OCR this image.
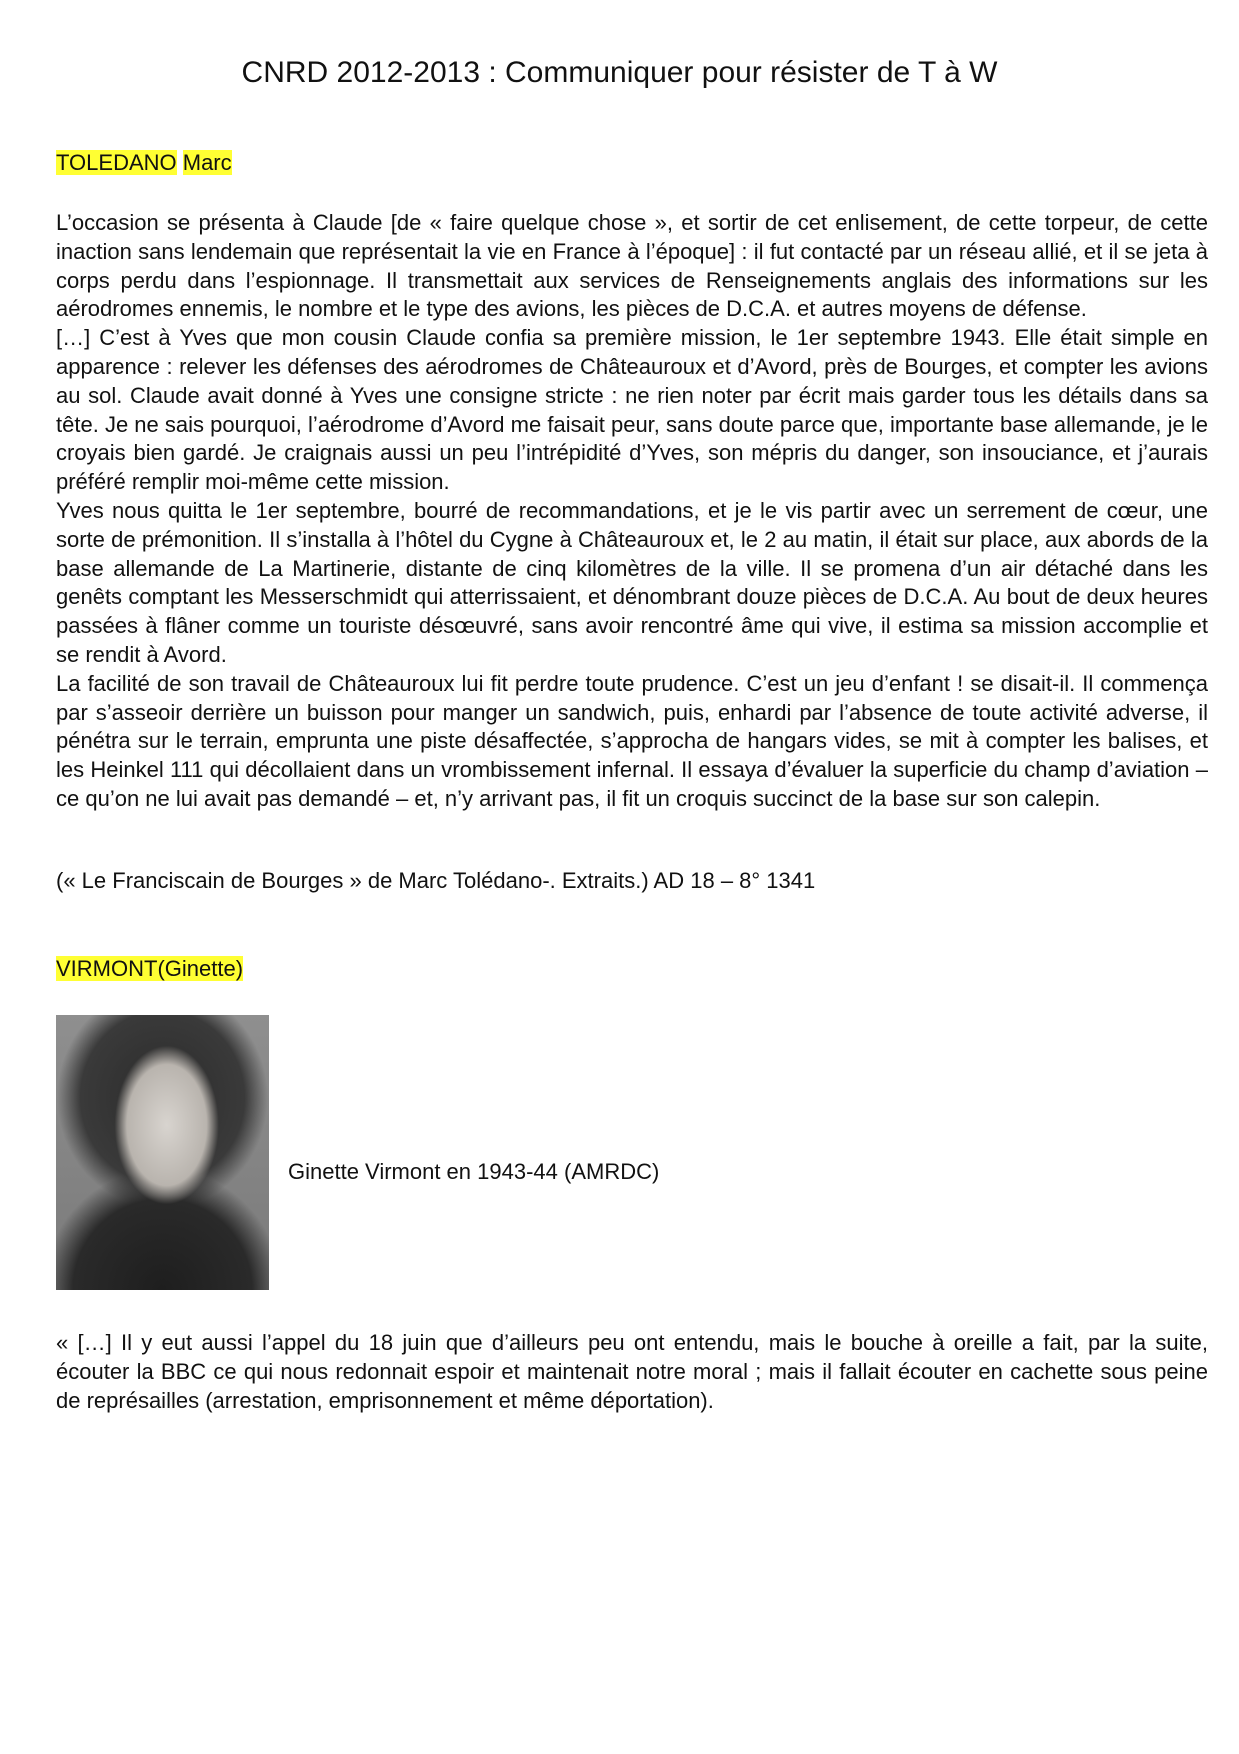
CNRD 2012-2013 : Communiquer pour résister de T à W
TOLEDANO Marc

L’occasion se présenta à Claude [de « faire quelque chose », et sortir de cet enlisement, de cette torpeur, de cette inaction sans lendemain que représentait la vie en France à l’époque] : il fut contacté par un réseau allié, et il se jeta à corps perdu dans l’espionnage. Il transmettait aux services de Renseignements anglais des informations sur les aérodromes ennemis, le nombre et le type des avions, les pièces de D.C.A. et autres moyens de défense.

[…] C’est à Yves que mon cousin Claude confia sa première mission, le 1er septembre 1943. Elle était simple en apparence : relever les défenses des aérodromes de Châteauroux et d’Avord, près de Bourges, et compter les avions au sol. Claude avait donné à Yves une consigne stricte : ne rien noter par écrit mais garder tous les détails dans sa tête. Je ne sais pourquoi, l’aérodrome d’Avord me faisait peur, sans doute parce que, importante base allemande, je le croyais bien gardé. Je craignais aussi un peu l’intrépidité d’Yves, son mépris du danger, son insouciance, et j’aurais préféré remplir moi-même cette mission.

Yves nous quitta le 1er septembre, bourré de recommandations, et je le vis partir avec un serrement de cœur, une sorte de prémonition. Il s’installa à l’hôtel du Cygne à Châteauroux et, le 2 au matin, il était sur place, aux abords de la base allemande de La Martinerie, distante de cinq kilomètres de la ville. Il se promena d’un air détaché dans les genêts comptant les Messerschmidt qui atterrissaient, et dénombrant douze pièces de D.C.A. Au bout de deux heures passées à flâner comme un touriste désœuvré, sans avoir rencontré âme qui vive, il estima sa mission accomplie et se rendit à Avord.

La facilité de son travail de Châteauroux lui fit perdre toute prudence. C’est un jeu d’enfant ! se disait-il. Il commença par s’asseoir derrière un buisson pour manger un sandwich, puis, enhardi par l’absence de toute activité adverse, il pénétra sur le terrain, emprunta une piste désaffectée, s’approcha de hangars vides, se mit à compter les balises, et les Heinkel 111 qui décollaient dans un vrombissement infernal. Il essaya d’évaluer la superficie du champ d’aviation – ce qu’on ne lui avait pas demandé – et, n’y arrivant pas, il fit un croquis succinct de la base sur son calepin.

(« Le Franciscain de Bourges » de Marc Tolédano-. Extraits.) AD 18 – 8° 1341
VIRMONT(Ginette)
Ginette Virmont en 1943-44 (AMRDC)

« […] Il y eut aussi l’appel du 18 juin que d’ailleurs peu ont entendu, mais le bouche à oreille a fait, par la suite, écouter la BBC ce qui nous redonnait espoir et maintenait notre moral ; mais il fallait écouter en cachette sous peine de représailles (arrestation, emprisonnement et même déportation).
